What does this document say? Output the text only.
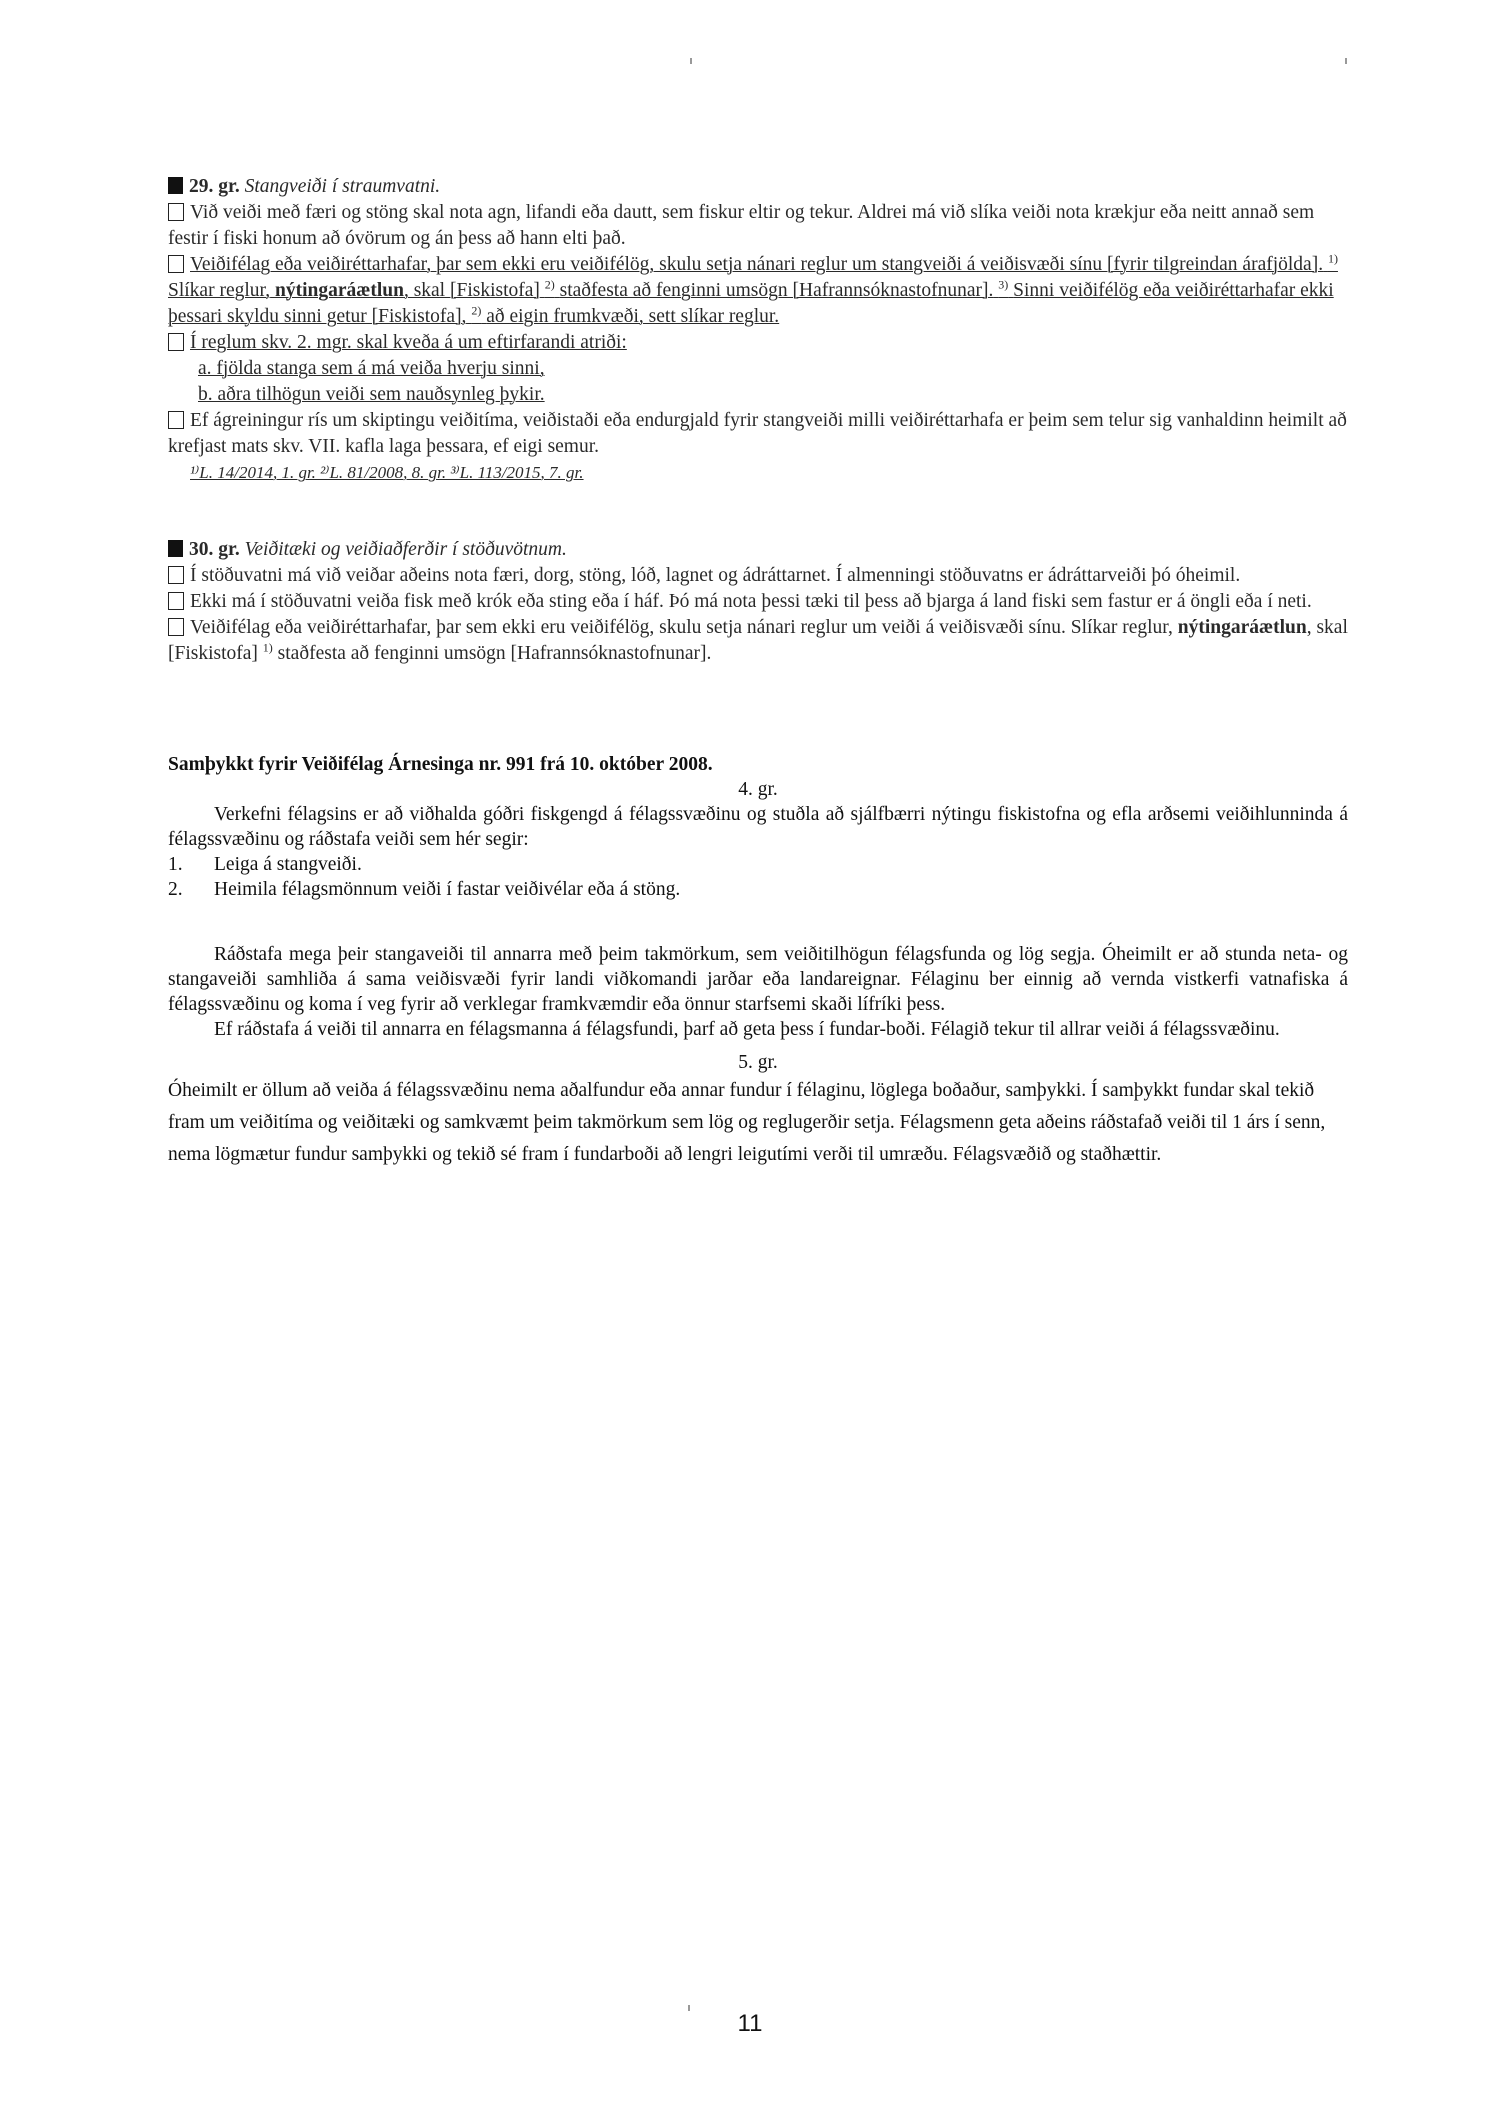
29. gr. Stangveiði í straumvatni.

Við veiði með færi og stöng skal nota agn, lifandi eða dautt, sem fiskur eltir og tekur. Aldrei má við slíka veiði nota krækjur eða neitt annað sem festir í fiski honum að óvörum og án þess að hann elti það.

Veiðifélag eða veiðiréttarhafar, þar sem ekki eru veiðifélög, skulu setja nánari reglur um stangveiði á veiðisvæði sínu [fyrir tilgreindan árafjölda]. $^{1)}$ Slíkar reglur, nýtingaráætlun, skal [Fiskistofa] $^{2)}$ staðfesta að fenginni umsögn [Hafrannsóknastofnunar]. $^{3)}$ Sinni veiðifélög eða veiðiréttarhafar ekki þessari skyldu sinni getur [Fiskistofa], $^{2)}$ að eigin frumkvæði, sett slíkar reglur.

Í reglum skv. 2. mgr. skal kveða á um eftirfarandi atriði:

a. fjölda stanga sem á má veiða hverju sinni,

b. aðra tilhögun veiði sem nauðsynleg þykir.

Ef ágreiningur rís um skiptingu veiðitíma, veiðistaði eða endurgjald fyrir stangveiði milli veiðiréttarhafa er þeim sem telur sig vanhaldinn heimilt að krefjast mats skv. VII. kafla laga þessara, ef eigi semur.

¹⁾L. 14/2014, 1. gr. ²⁾L. 81/2008, 8. gr. ³⁾L. 113/2015, 7. gr.

30. gr. Veiðitæki og veiðiaðferðir í stöðuvötnum.

Í stöðuvatni má við veiðar aðeins nota færi, dorg, stöng, lóð, lagnet og ádráttarnet. Í almenningi stöðuvatns er ádráttarveiði þó óheimil.

Ekki má í stöðuvatni veiða fisk með krók eða sting eða í háf. Þó má nota þessi tæki til þess að bjarga á land fiski sem fastur er á öngli eða í neti.

Veiðifélag eða veiðiréttarhafar, þar sem ekki eru veiðifélög, skulu setja nánari reglur um veiði á veiðisvæði sínu. Slíkar reglur, nýtingaráætlun, skal [Fiskistofa] $^{1)}$ staðfesta að fenginni umsögn [Hafrannsóknastofnunar].

Samþykkt fyrir Veiðifélag Árnesinga nr. 991 frá 10. október 2008.

4. gr.

Verkefni félagsins er að viðhalda góðri fiskgengd á félagssvæðinu og stuðla að sjálfbærri nýtingu fiskistofna og efla arðsemi veiðihlunninda á félagssvæðinu og ráðstafa veiði sem hér segir:

1.	Leiga á stangveiði.
2.	Heimila félagsmönnum veiði í fastar veiðivélar eða á stöng.

Ráðstafa mega þeir stangaveiði til annarra með þeim takmörkum, sem veiðitilhögun félagsfunda og lög segja. Óheimilt er að stunda neta- og stangaveiði samhliða á sama veiðisvæði fyrir landi viðkomandi jarðar eða landareignar. Félaginu ber einnig að vernda vistkerfi vatnafiska á félagssvæðinu og koma í veg fyrir að verklegar framkvæmdir eða önnur starfsemi skaði lífríki þess.

Ef ráðstafa á veiði til annarra en félagsmanna á félagsfundi, þarf að geta þess í fundar-boði. Félagið tekur til allrar veiði á félagssvæðinu.

5. gr.

Óheimilt er öllum að veiða á félagssvæðinu nema aðalfundur eða annar fundur í félaginu, löglega boðaður, samþykki. Í samþykkt fundar skal tekið fram um veiðitíma og veiðitæki og samkvæmt þeim takmörkum sem lög og reglugerðir setja. Félagsmenn geta aðeins ráðstafað veiði til 1 árs í senn, nema lögmætur fundur samþykki og tekið sé fram í fundarboði að lengri leigutími verði til umræðu. Félagsvæðið og staðhættir.

11
